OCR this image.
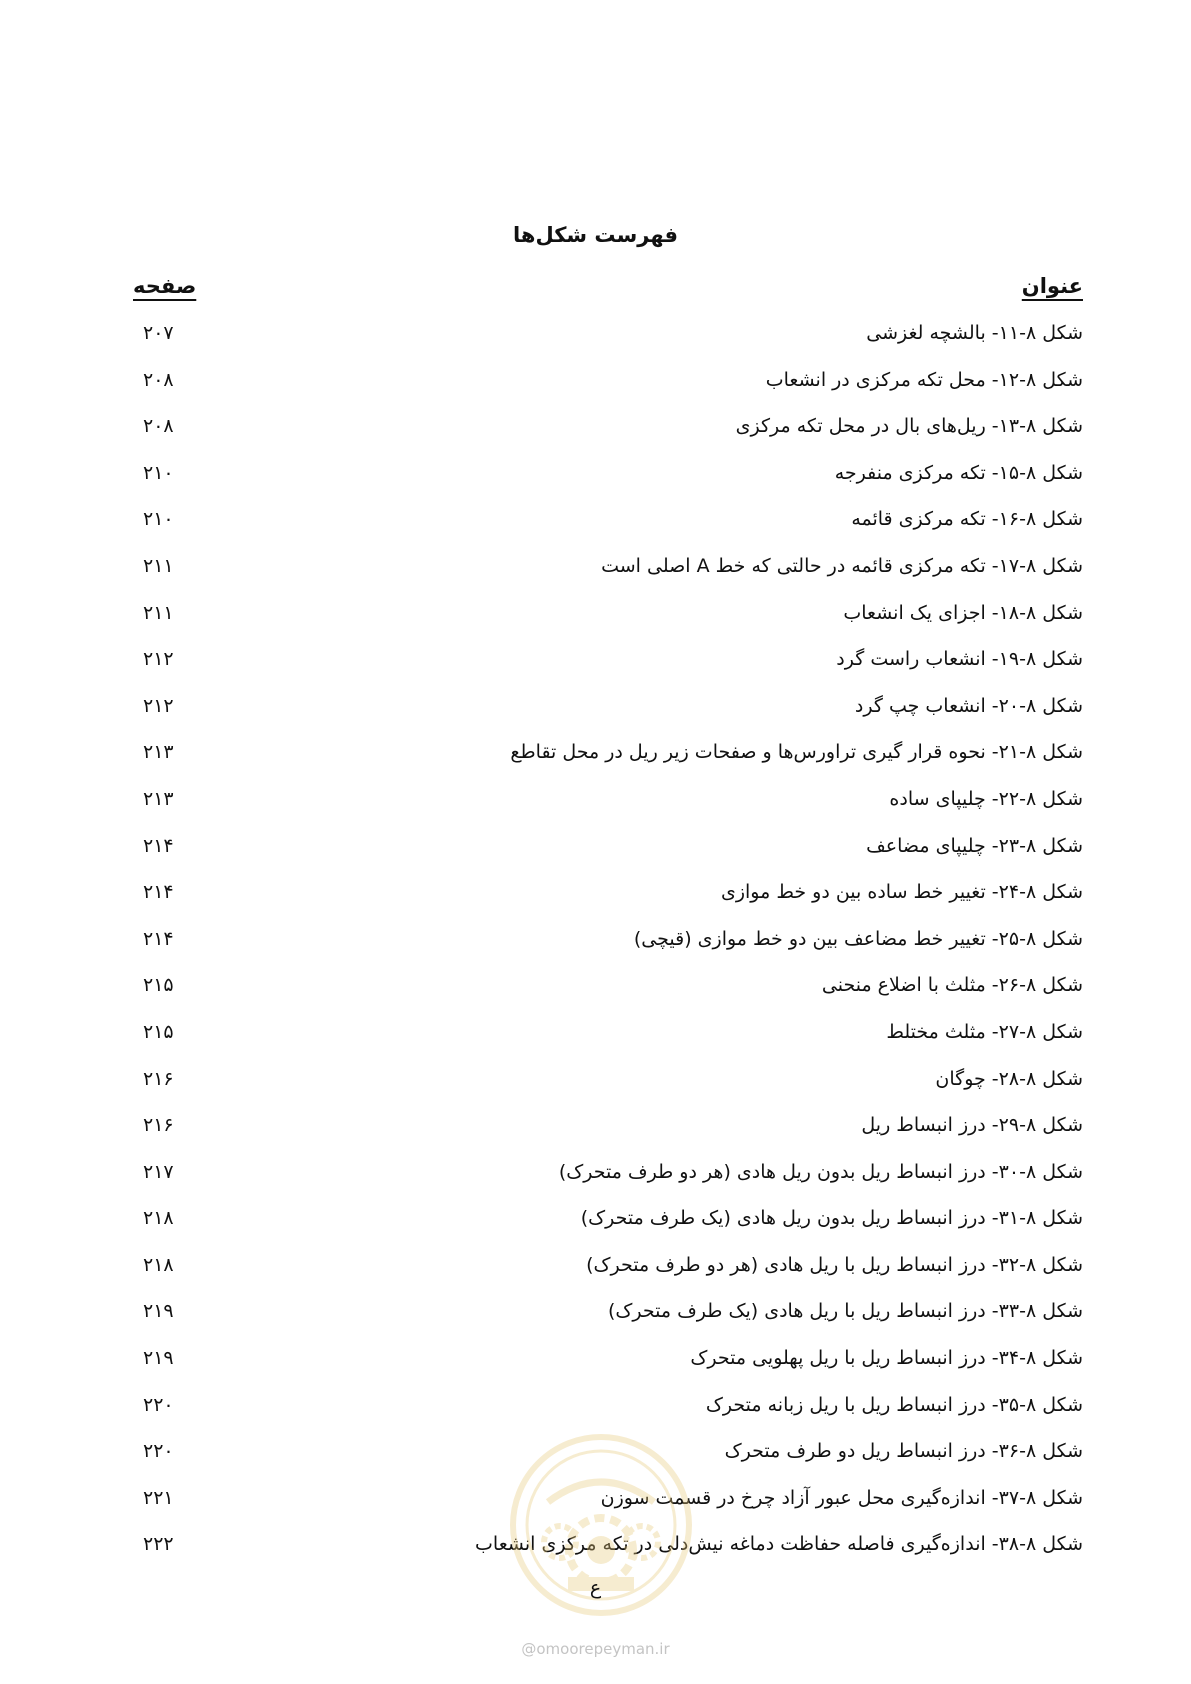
فهرست شکل‌ها
عنوان
صفحه
شکل ۸-۱۱- بالشچه لغزشی
۲۰۷
شکل ۸-۱۲- محل تکه مرکزی در انشعاب
۲۰۸
شکل ۸-۱۳- ریل‌های بال در محل تکه مرکزی
۲۰۸
شکل ۸-۱۵- تکه مرکزی منفرجه
۲۱۰
شکل ۸-۱۶- تکه مرکزی قائمه
۲۱۰
شکل ۸-۱۷- تکه مرکزی قائمه در حالتی که خط A اصلی است
۲۱۱
شکل ۸-۱۸- اجزای یک انشعاب
۲۱۱
شکل ۸-۱۹- انشعاب راست گرد
۲۱۲
شکل ۸-۲۰- انشعاب چپ گرد
۲۱۲
شکل ۸-۲۱- نحوه قرار گیری تراورس‌ها و صفحات زیر ریل در محل تقاطع
۲۱۳
شکل ۸-۲۲- چلیپای ساده
۲۱۳
شکل ۸-۲۳- چلیپای مضاعف
۲۱۴
شکل ۸-۲۴- تغییر خط ساده بین دو خط موازی
۲۱۴
شکل ۸-۲۵- تغییر خط مضاعف بین دو خط موازی (قیچی)
۲۱۴
شکل ۸-۲۶- مثلث با اضلاع منحنی
۲۱۵
شکل ۸-۲۷- مثلث مختلط
۲۱۵
شکل ۸-۲۸- چوگان
۲۱۶
شکل ۸-۲۹- درز انبساط ریل
۲۱۶
شکل ۸-۳۰- درز انبساط ریل بدون ریل هادی (هر دو طرف متحرک)
۲۱۷
شکل ۸-۳۱- درز انبساط ریل بدون ریل هادی (یک طرف متحرک)
۲۱۸
شکل ۸-۳۲- درز انبساط ریل با ریل هادی (هر دو طرف متحرک)
۲۱۸
شکل ۸-۳۳- درز انبساط ریل با ریل هادی (یک طرف متحرک)
۲۱۹
شکل ۸-۳۴- درز انبساط ریل با ریل پهلویی متحرک
۲۱۹
شکل ۸-۳۵- درز انبساط ریل با ریل زبانه متحرک
۲۲۰
شکل ۸-۳۶- درز انبساط ریل دو طرف متحرک
۲۲۰
شکل ۸-۳۷- اندازه‌گیری محل عبور آزاد چرخ در قسمت سوزن
۲۲۱
شکل ۸-۳۸- اندازه‌گیری فاصله حفاظت دماغه نیش‌دلی در تکه مرکزی انشعاب
۲۲۲
ع
@omoorepeyman.ir
